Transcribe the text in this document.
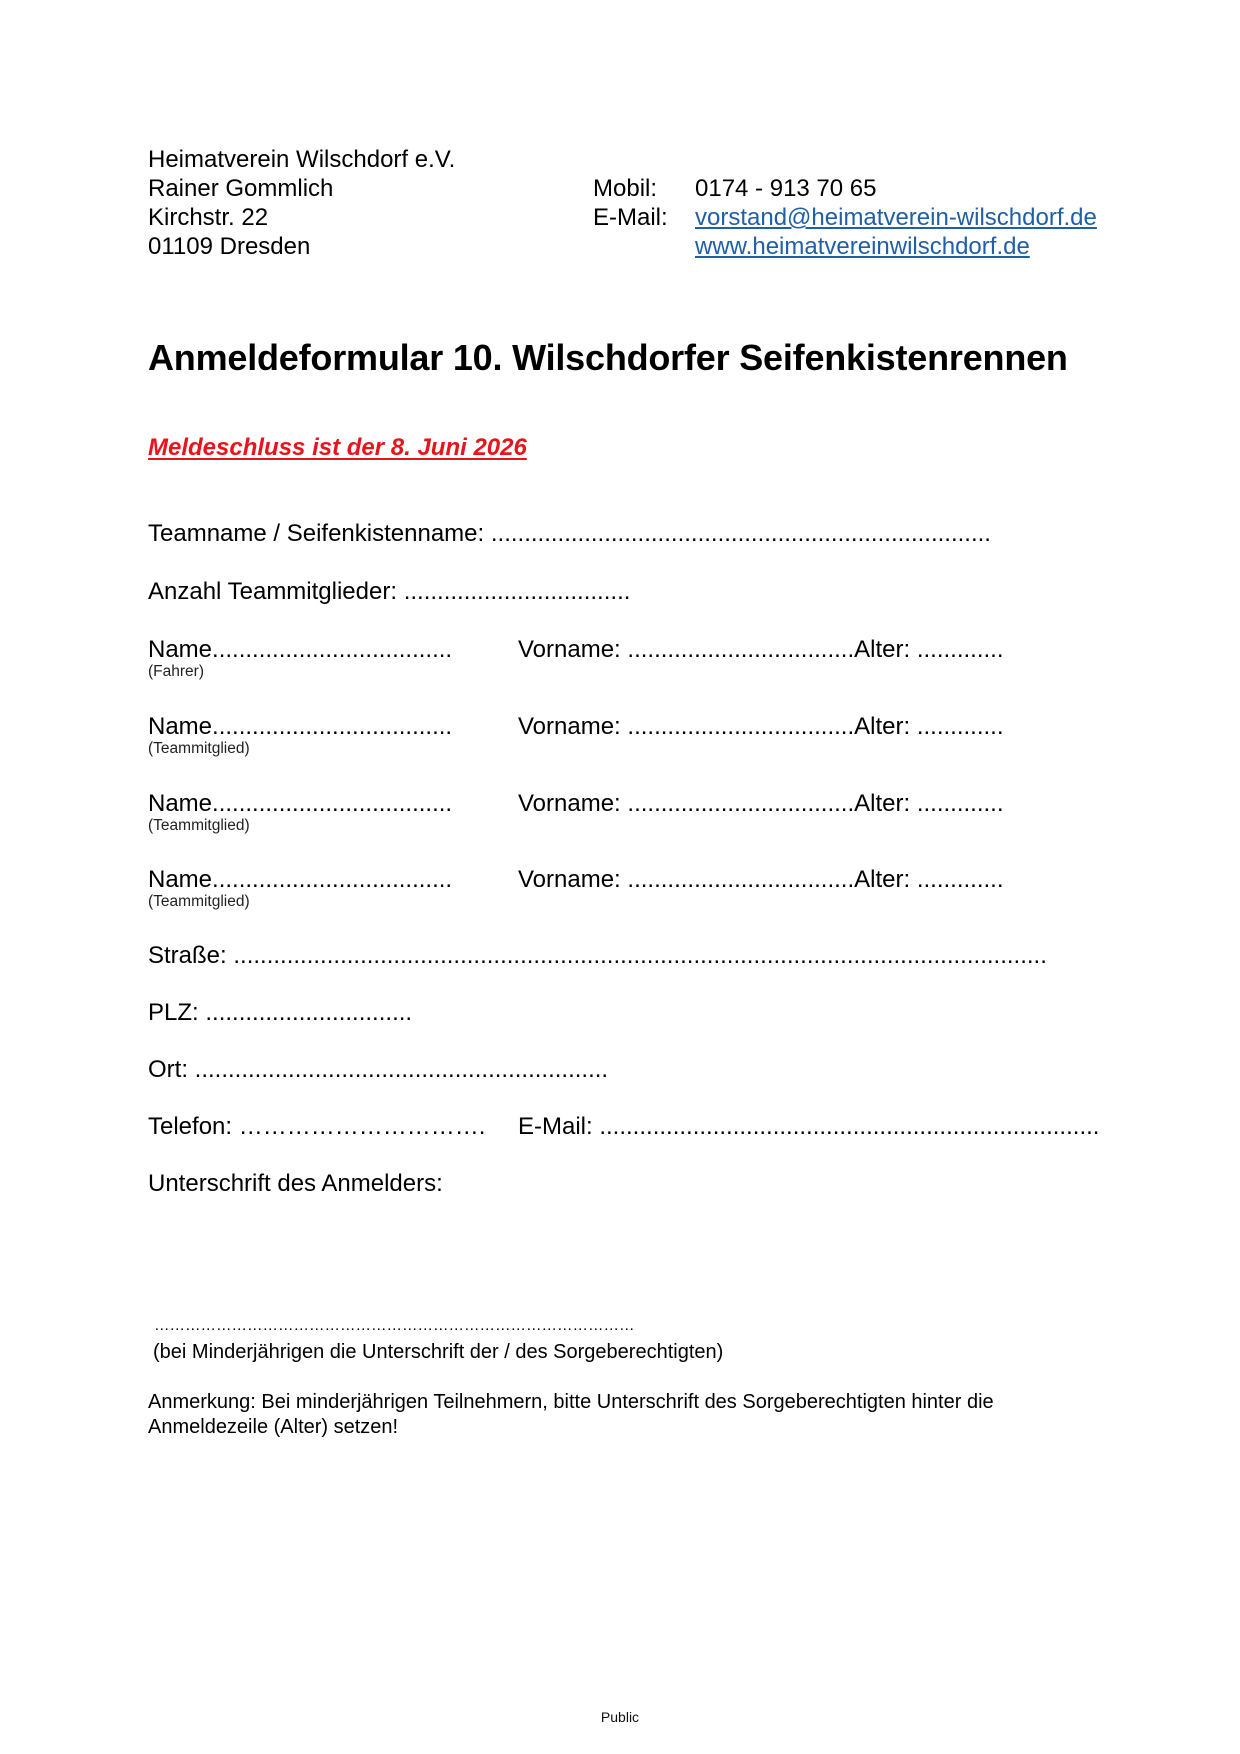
Heimatverein Wilschdorf e.V.
Rainer Gommlich
Kirchstr. 22
01109 Dresden
Mobil: 0174 - 913 70 65
E-Mail: vorstand@heimatverein-wilschdorf.de
www.heimatvereinwilschdorf.de
Anmeldeformular 10. Wilschdorfer Seifenkistenrennen
Meldeschluss ist der 8. Juni 2026
Teamname / Seifenkistenname: ...........................................................................
Anzahl Teammitglieder: ..................................
Name....................................
(Fahrer)
Vorname: ..................................Alter: .............
Name....................................
(Teammitglied)
Vorname: ..................................Alter: .............
Name....................................
(Teammitglied)
Vorname: ..................................Alter: .............
Name....................................
(Teammitglied)
Vorname: ..................................Alter: .............
Straße: ..........................................................................................................................
PLZ: ...............................
Ort: ..............................................................
Telefon: …………………………. E-Mail: ...........................................................................
Unterschrift des Anmelders:
…………………………………………………………………………………
(bei Minderjährigen die Unterschrift der / des Sorgeberechtigten)
Anmerkung: Bei minderjährigen Teilnehmern, bitte Unterschrift des Sorgeberechtigten hinter die
Anmeldezeile (Alter) setzen!
Public
